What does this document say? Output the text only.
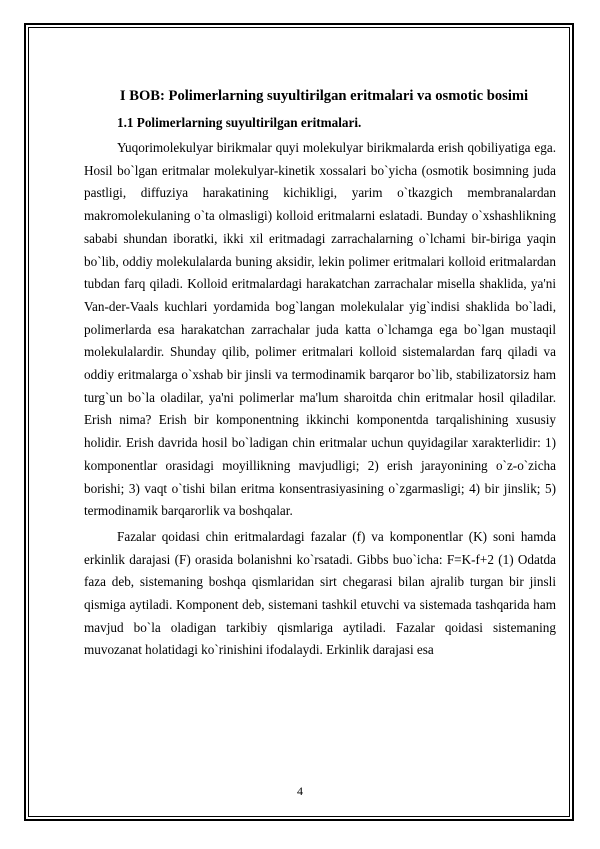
I BOB: Polimerlarning suyultirilgan eritmalari va osmotic bosimi
1.1 Polimerlarning suyultirilgan eritmalari.

Yuqorimolekulyar birikmalar quyi molekulyar birikmalarda erish qobiliyatiga ega. Hosil bo`lgan eritmalar molekulyar-kinetik xossalari bo`yicha (osmotik bosimning juda pastligi, diffuziya harakatining kichikligi, yarim o`tkazgich membranalardan makromolekulaning o`ta olmasligi) kolloid eritmalarni eslatadi. Bunday o`xshashlikning sababi shundan iboratki, ikki xil eritmadagi zarrachalarning o`lchami bir-biriga yaqin bo`lib, oddiy molekulalarda buning aksidir, lekin polimer eritmalari kolloid eritmalardan tubdan farq qiladi. Kolloid eritmalardagi harakatchan zarrachalar misella shaklida, ya'ni Van-der-Vaals kuchlari yordamida bog`langan molekulalar yig`indisi shaklida bo`ladi, polimerlarda esa harakatchan zarrachalar juda katta o`lchamga ega bo`lgan mustaqil molekulalardir. Shunday qilib, polimer eritmalari kolloid sistemalardan farq qiladi va oddiy eritmalarga o`xshab bir jinsli va termodinamik barqaror bo`lib, stabilizatorsiz ham turg`un bo`la oladilar, ya'ni polimerlar ma'lum sharoitda chin eritmalar hosil qiladilar. Erish nima? Erish bir komponentning ikkinchi komponentda tarqalishining xususiy holidir. Erish davrida hosil bo`ladigan chin eritmalar uchun quyidagilar xarakterlidir: 1) komponentlar orasidagi moyillikning mavjudligi; 2) erish jarayonining o`z-o`zicha borishi; 3) vaqt o`tishi bilan eritma konsentrasiyasining o`zgarmasligi; 4) bir jinslik; 5) termodinamik barqarorlik va boshqalar.

Fazalar qoidasi chin eritmalardagi fazalar (f) va komponentlar (K) soni hamda erkinlik darajasi (F) orasida bolanishni ko`rsatadi. Gibbs buo`icha: F=K-f+2 (1) Odatda faza deb, sistemaning boshqa qismlaridan sirt chegarasi bilan ajralib turgan bir jinsli qismiga aytiladi. Komponent deb, sistemani tashkil etuvchi va sistemada tashqarida ham mavjud bo`la oladigan tarkibiy qismlariga aytiladi. Fazalar qoidasi sistemaning muvozanat holatidagi ko`rinishini ifodalaydi. Erkinlik darajasi esa

4
